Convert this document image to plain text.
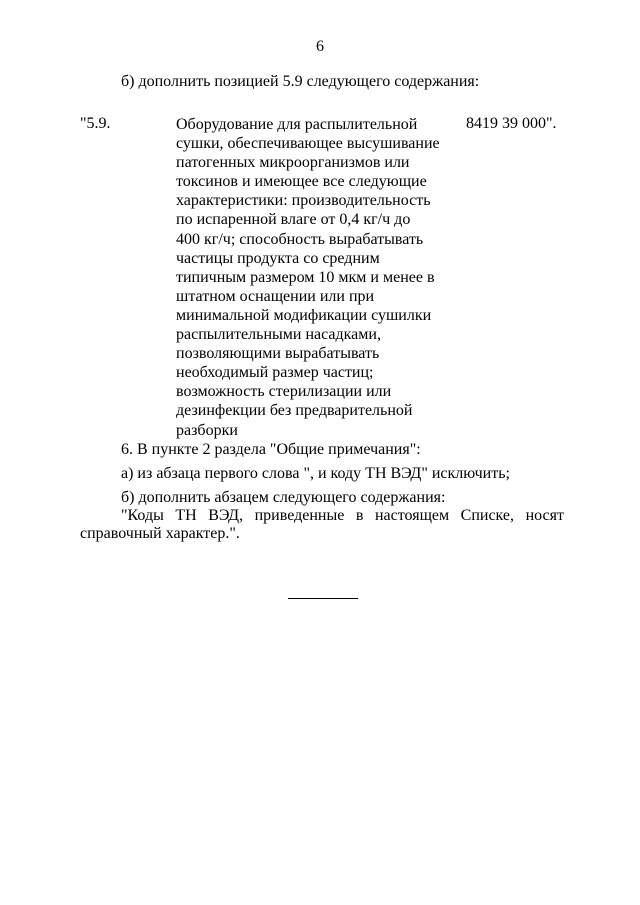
6
б) дополнить позицией 5.9 следующего содержания:
"5.9.	Оборудование для распылительной
сушки, обеспечивающее высушивание
патогенных микроорганизмов или
токсинов и имеющее все следующие
характеристики: производительность
по испаренной влаге от 0,4 кг/ч до
400 кг/ч; способность вырабатывать
частицы продукта со средним
типичным размером 10 мкм и менее в
штатном оснащении или при
минимальной модификации сушилки
распылительными насадками,
позволяющими вырабатывать
необходимый размер частиц;
возможность стерилизации или
дезинфекции без предварительной
разборки
8419 39 000".
6. В пункте 2 раздела "Общие примечания":
а) из абзаца первого слова ", и коду ТН ВЭД" исключить;
б) дополнить абзацем следующего содержания:
"Коды ТН ВЭД, приведенные в настоящем Списке, носят
справочный характер.".
